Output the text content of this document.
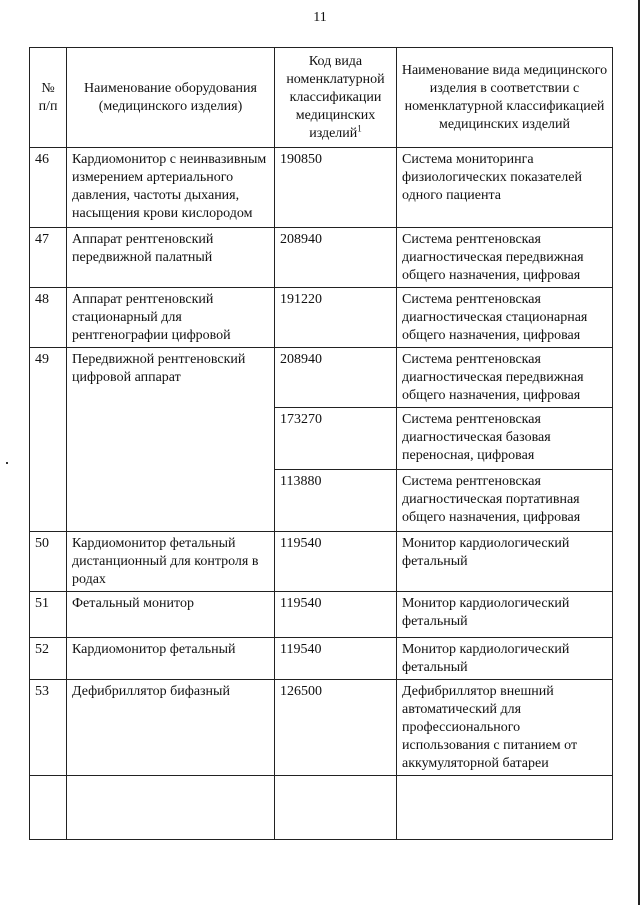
11
№ п/п	Наименование оборудования (медицинского изделия)	Код вида номенклатурной классификации медицинских изделий$^1$	Наименование вида медицинского изделия в соответствии с номенклатурной классификацией медицинских изделий
46	Кардиомонитор с неинвазивным измерением артериального давления, частоты дыхания, насыщения крови кислородом	190850	Система мониторинга физиологических показателей одного пациента
47	Аппарат рентгеновский передвижной палатный	208940	Система рентгеновская диагностическая передвижная общего назначения, цифровая
48	Аппарат рентгеновский стационарный для рентгенографии цифровой	191220	Система рентгеновская диагностическая стационарная общего назначения, цифровая
49	Передвижной рентгеновский цифровой аппарат	208940	Система рентгеновская диагностическая передвижная общего назначения, цифровая
		173270	Система рентгеновская диагностическая базовая переносная, цифровая
		113880	Система рентгеновская диагностическая портативная общего назначения, цифровая
50	Кардиомонитор фетальный дистанционный для контроля в родах	119540	Монитор кардиологический фетальный
51	Фетальный монитор	119540	Монитор кардиологический фетальный
52	Кардиомонитор фетальный	119540	Монитор кардиологический фетальный
53	Дефибриллятор бифазный	126500	Дефибриллятор внешний автоматический для профессионального использования с питанием от аккумуляторной батареи
